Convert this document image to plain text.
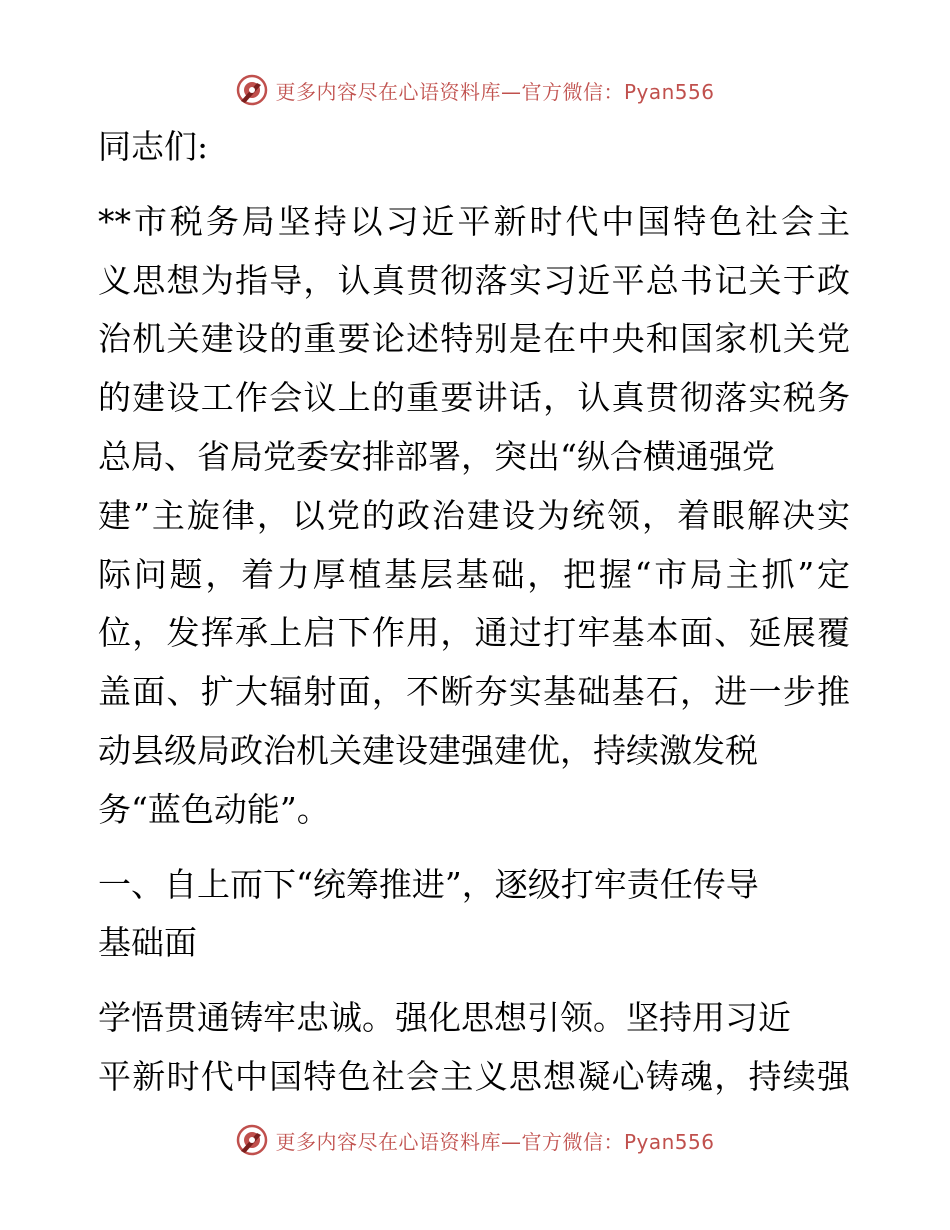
更多内容尽在心语资料库—官方微信：Pyan556
同志们:
**市税务局坚持以习近平新时代中国特色社会主
义思想为指导，认真贯彻落实习近平总书记关于政
治机关建设的重要论述特别是在中央和国家机关党
的建设工作会议上的重要讲话，认真贯彻落实税务
总局、省局党委安排部署，突出“纵合横通强党
建”主旋律，以党的政治建设为统领，着眼解决实
际问题，着力厚植基层基础，把握“市局主抓”定
位，发挥承上启下作用，通过打牢基本面、延展覆
盖面、扩大辐射面，不断夯实基础基石，进一步推
动县级局政治机关建设建强建优，持续激发税
务“蓝色动能”。
一、自上而下“统筹推进”，逐级打牢责任传导
基础面
学悟贯通铸牢忠诚。强化思想引领。坚持用习近
平新时代中国特色社会主义思想凝心铸魂，持续强
更多内容尽在心语资料库—官方微信：Pyan556
